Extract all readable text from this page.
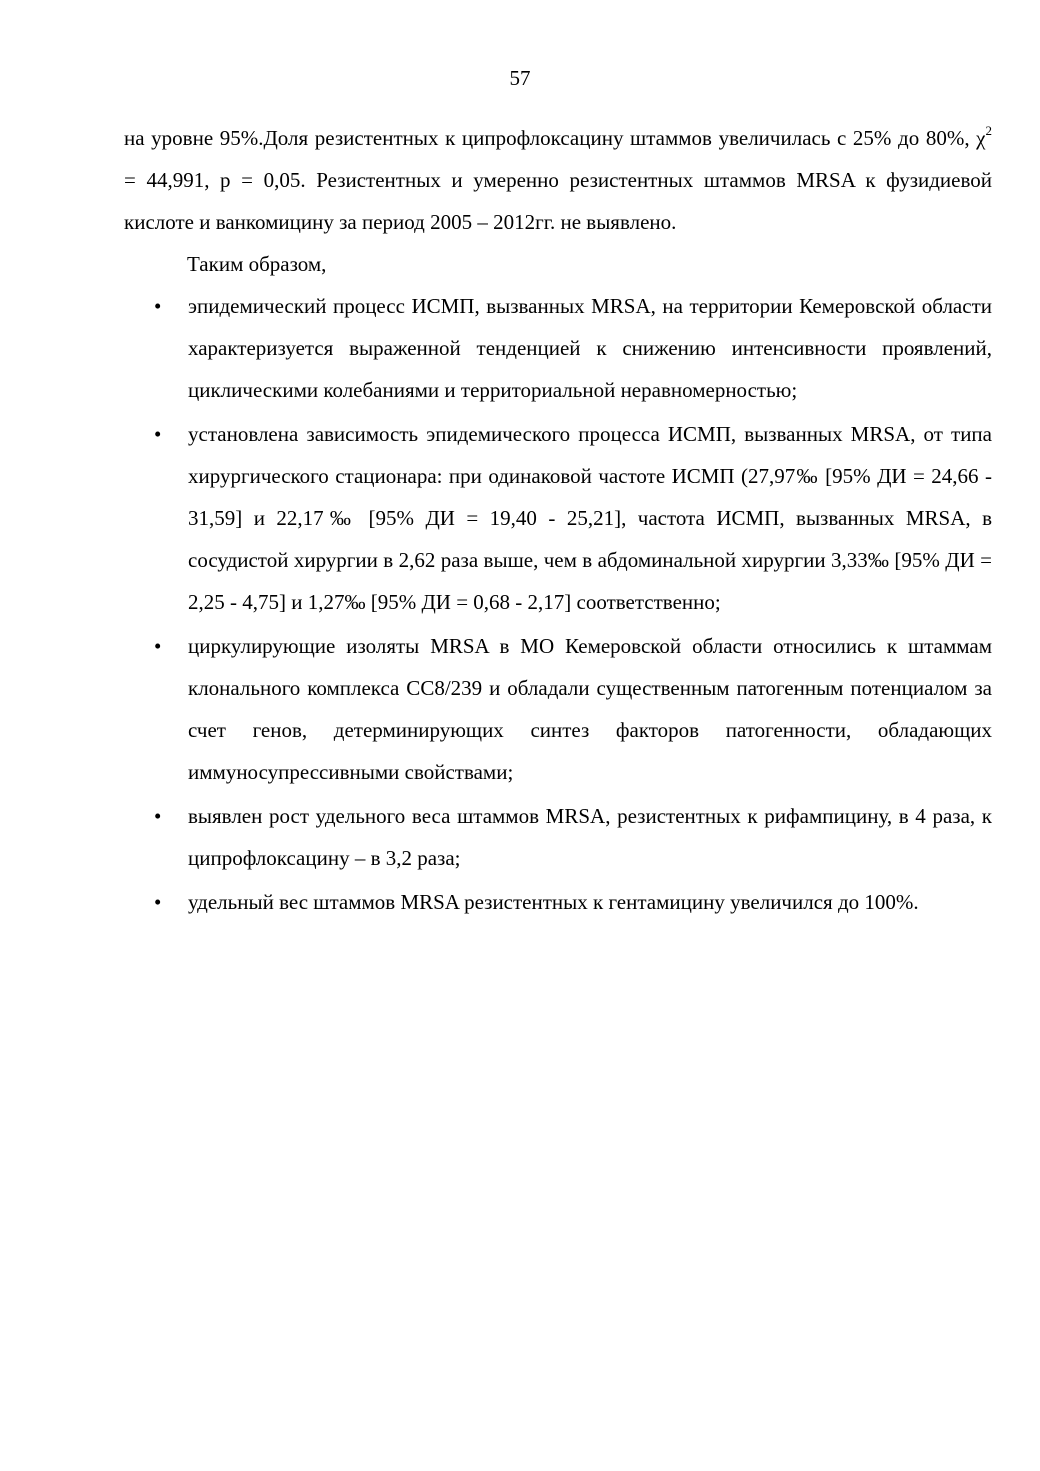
57

на уровне 95%.Доля резистентных к ципрофлоксацину штаммов увеличилась с 25% до 80%, $\chi^2 = 44,991$, р = 0,05. Резистентных и умеренно резистентных штаммов MRSA к фузидиевой кислоте и ванкомицину за период 2005 – 2012гг. не выявлено.

Таким образом,

• эпидемический процесс ИСМП, вызванных MRSA, на территории Кемеровской области характеризуется выраженной тенденцией к снижению интенсивности проявлений, циклическими колебаниями и территориальной неравномерностью;
• установлена зависимость эпидемического процесса ИСМП, вызванных MRSA, от типа хирургического стационара: при одинаковой частоте ИСМП (27,97‰ [95% ДИ = 24,66 - 31,59] и 22,17‰ [95% ДИ = 19,40 - 25,21], частота ИСМП, вызванных MRSA, в сосудистой хирургии в 2,62 раза выше, чем в абдоминальной хирургии 3,33‰ [95% ДИ = 2,25 - 4,75] и 1,27‰ [95% ДИ = 0,68 - 2,17] соответственно;
• циркулирующие изоляты MRSA в МО Кемеровской области относились к штаммам клонального комплекса СС8/239 и обладали существенным патогенным потенциалом за счет генов, детерминирующих синтез факторов патогенности, обладающих иммуносупрессивными свойствами;
• выявлен рост удельного веса штаммов MRSA, резистентных к рифампицину, в 4 раза, к ципрофлоксацину – в 3,2 раза;
• удельный вес штаммов MRSA резистентных к гентамицину увеличился до 100%.
